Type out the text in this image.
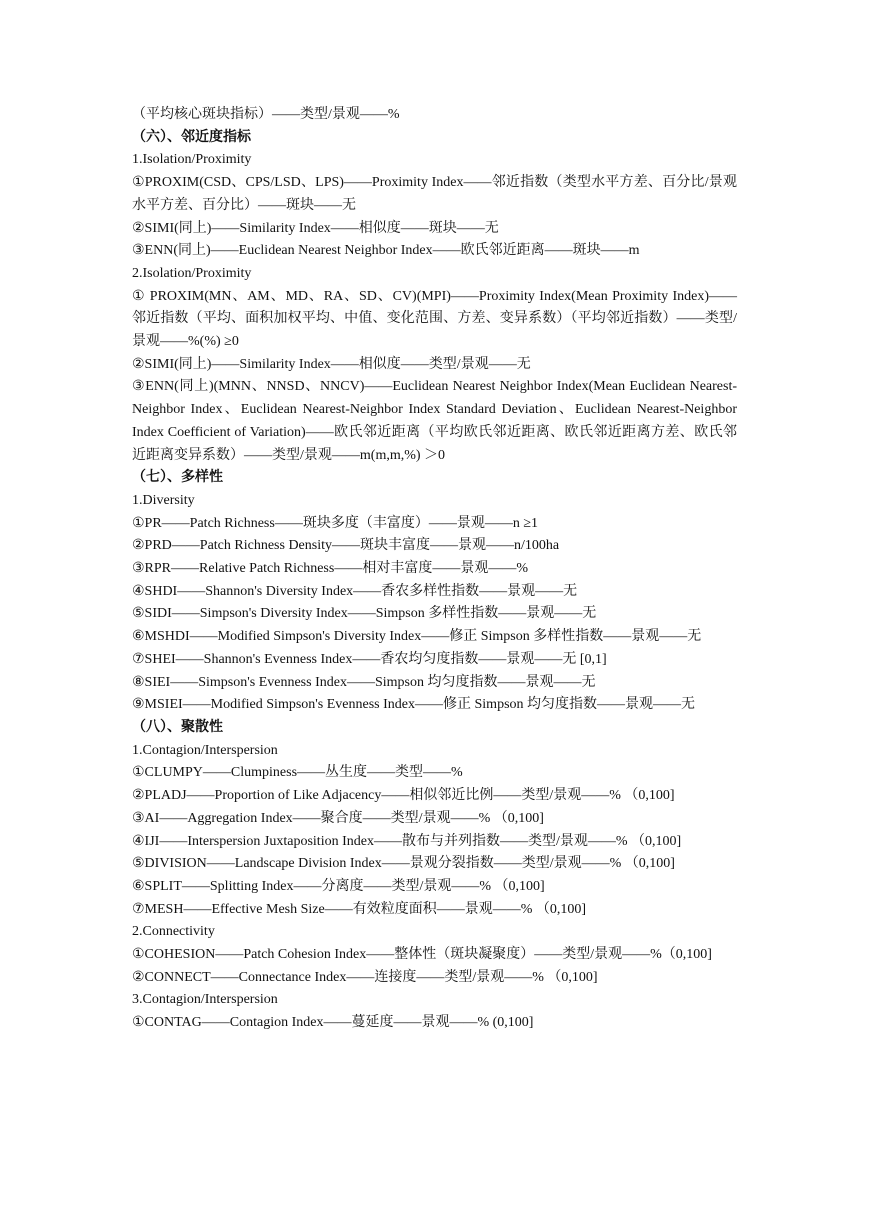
（平均核心斑块指标）——类型/景观——%
（六）、邻近度指标
1.Isolation/Proximity
①PROXIM(CSD、CPS/LSD、LPS)——Proximity Index——邻近指数（类型水平方差、百分比/景观水平方差、百分比）——斑块——无
②SIMI(同上)——Similarity Index——相似度——斑块——无
③ENN(同上)——Euclidean Nearest Neighbor Index——欧氏邻近距离——斑块——m
2.Isolation/Proximity
① PROXIM(MN、AM、MD、RA、SD、CV)(MPI)——Proximity Index(Mean Proximity Index)——邻近指数（平均、面积加权平均、中值、变化范围、方差、变异系数）（平均邻近指数）——类型/景观——%(%) ≥0
②SIMI(同上)——Similarity Index——相似度——类型/景观——无
③ENN(同上)(MNN、NNSD、NNCV)——Euclidean Nearest Neighbor Index(Mean Euclidean Nearest-Neighbor Index、Euclidean Nearest-Neighbor Index Standard Deviation、Euclidean Nearest-Neighbor Index Coefficient of Variation)——欧氏邻近距离（平均欧氏邻近距离、欧氏邻近距离方差、欧氏邻近距离变异系数）——类型/景观——m(m,m,%) ＞0
（七）、多样性
1.Diversity
①PR——Patch Richness——斑块多度（丰富度）——景观——n ≥1
②PRD——Patch Richness Density——斑块丰富度——景观——n/100ha
③RPR——Relative Patch Richness——相对丰富度——景观——%
④SHDI——Shannon's Diversity Index——香农多样性指数——景观——无
⑤SIDI——Simpson's Diversity Index——Simpson 多样性指数——景观——无
⑥MSHDI——Modified Simpson's Diversity Index——修正 Simpson 多样性指数——景观——无
⑦SHEI——Shannon's Evenness Index——香农均匀度指数——景观——无 [0,1]
⑧SIEI——Simpson's Evenness Index——Simpson 均匀度指数——景观——无
⑨MSIEI——Modified Simpson's Evenness Index——修正 Simpson 均匀度指数——景观——无
（八）、聚散性
1.Contagion/Interspersion
①CLUMPY——Clumpiness——丛生度——类型——%
②PLADJ——Proportion of Like Adjacency——相似邻近比例——类型/景观——% （0,100]
③AI——Aggregation Index——聚合度——类型/景观——% （0,100]
④IJI——Interspersion Juxtaposition Index——散布与并列指数——类型/景观——% （0,100]
⑤DIVISION——Landscape Division Index——景观分裂指数——类型/景观——% （0,100]
⑥SPLIT——Splitting Index——分离度——类型/景观——% （0,100]
⑦MESH——Effective Mesh Size——有效粒度面积——景观——% （0,100]
2.Connectivity
①COHESION——Patch Cohesion Index——整体性（斑块凝聚度）——类型/景观——%（0,100]
②CONNECT——Connectance Index——连接度——类型/景观——% （0,100]
3.Contagion/Interspersion
①CONTAG——Contagion Index——蔓延度——景观——% (0,100]
